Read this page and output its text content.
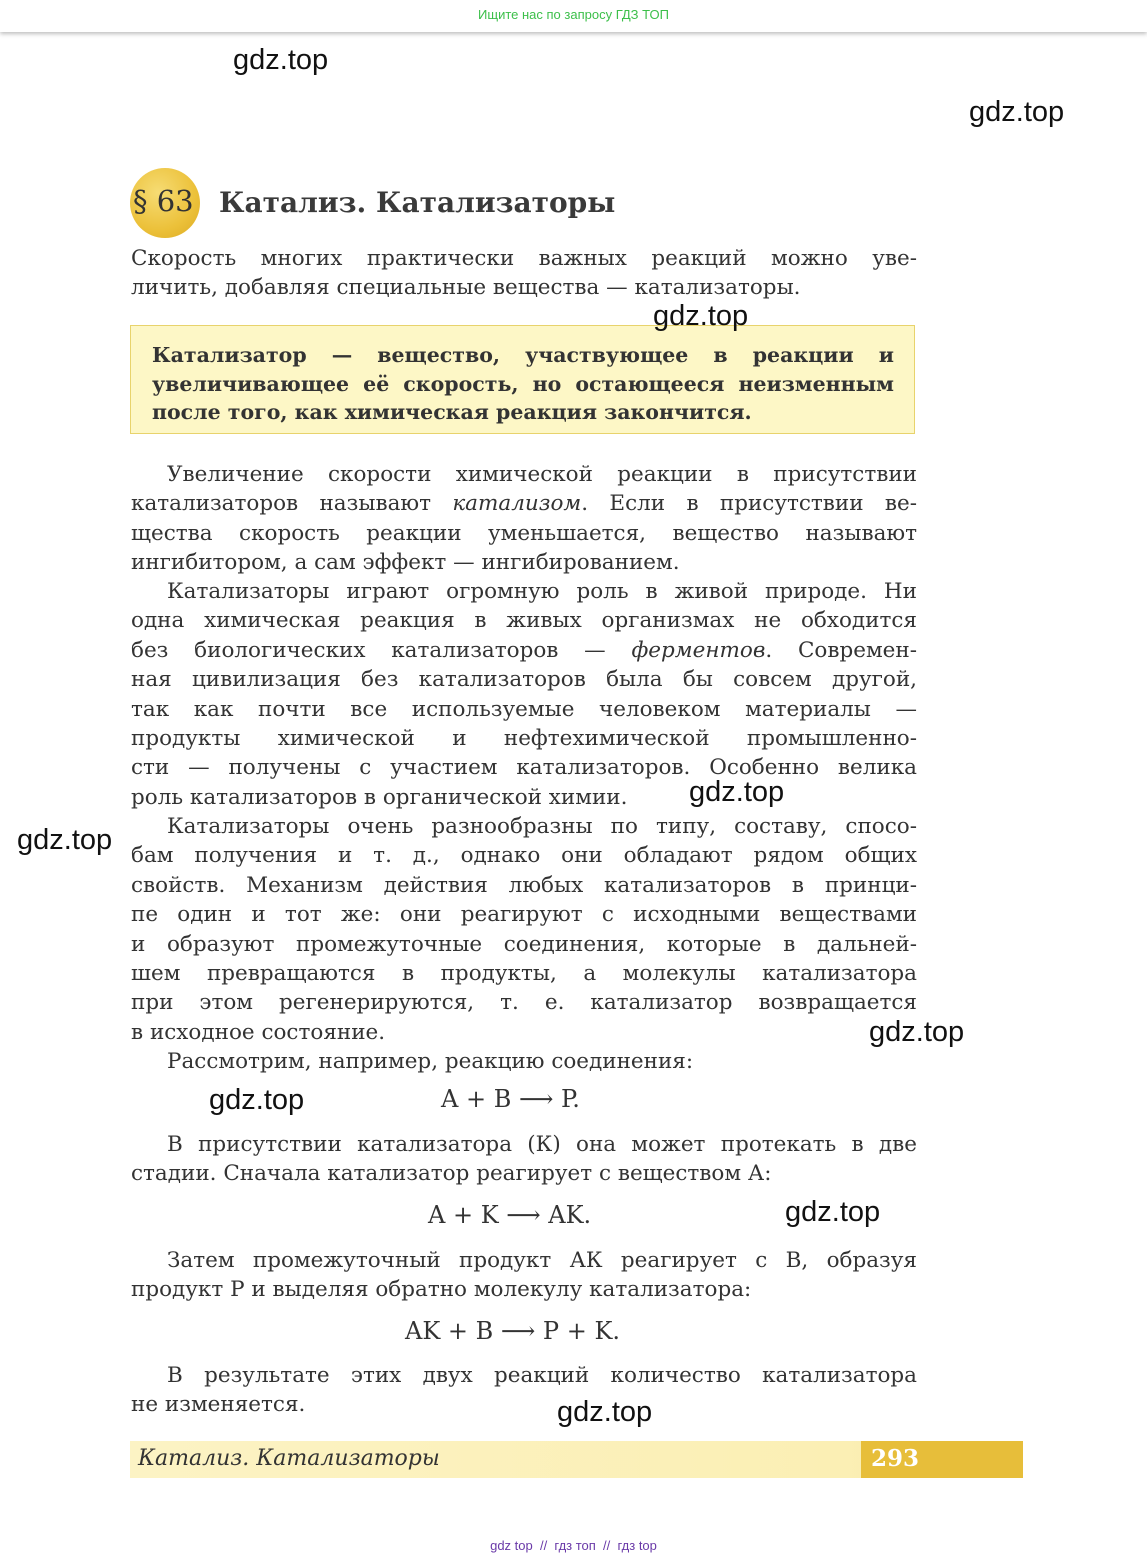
Ищите нас по запросу ГДЗ ТОП
gdz.top
gdz.top
gdz.top
gdz.top
gdz.top
gdz.top
gdz.top
gdz.top
gdz.top
§ 63 Катализ. Катализаторы
Скорость многих практически важных реакций можно уве-
личить, добавляя специальные вещества — катализаторы.
Катализатор — вещество, участвующее в реакции и
увеличивающее её скорость, но остающееся неизменным
после того, как химическая реакция закончится.
Увеличение скорости химической реакции в присутствии
катализаторов называют катализом. Если в присутствии ве-
щества скорость реакции уменьшается, вещество называют
ингибитором, а сам эффект — ингибированием.
Катализаторы играют огромную роль в живой природе. Ни
одна химическая реакция в живых организмах не обходится
без биологических катализаторов — ферментов. Современ-
ная цивилизация без катализаторов была бы совсем другой,
так как почти все используемые человеком материалы —
продукты химической и нефтехимической промышленно-
сти — получены с участием катализаторов. Особенно велика
роль катализаторов в органической химии.
Катализаторы очень разнообразны по типу, составу, спосо-
бам получения и т. д., однако они обладают рядом общих
свойств. Механизм действия любых катализаторов в принци-
пе один и тот же: они реагируют с исходными веществами
и образуют промежуточные соединения, которые в дальней-
шем превращаются в продукты, а молекулы катализатора
при этом регенерируются, т. е. катализатор возвращается
в исходное состояние.
Рассмотрим, например, реакцию соединения:
A + B ⟶ P.
В присутствии катализатора (К) она может протекать в две
стадии. Сначала катализатор реагирует с веществом А:
A + K ⟶ AK.
Затем промежуточный продукт АК реагирует с В, образуя
продукт Р и выделяя обратно молекулу катализатора:
AK + B ⟶ P + K.
В результате этих двух реакций количество катализатора
не изменяется.
Катализ. Катализаторы	293
gdz top  //  гдз топ  //  гдз top
